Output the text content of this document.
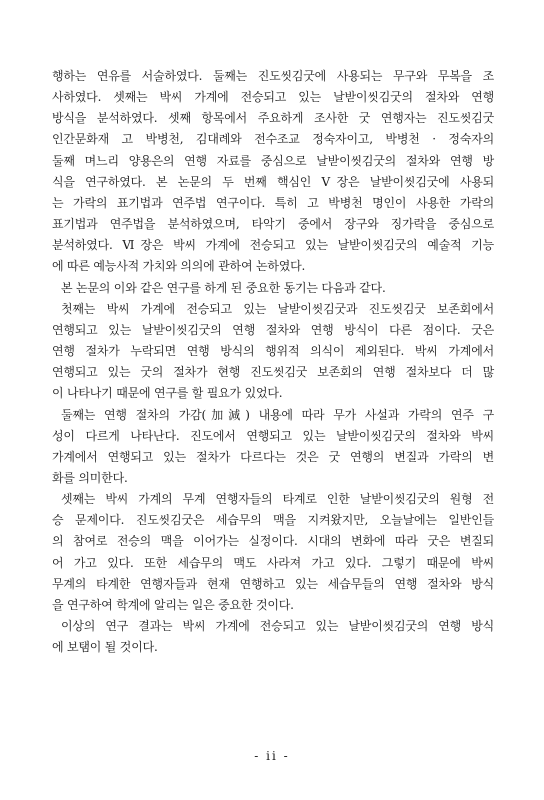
행하는 연유를 서술하였다. 둘째는 진도씻김굿에 사용되는 무구와 무복을 조
사하였다. 셋째는 박씨 가계에 전승되고 있는 날받이씻김굿의 절차와 연행
방식을 분석하였다. 셋째 항목에서 주요하게 조사한 굿 연행자는 진도씻김굿
인간문화재 고 박병천, 김대례와 전수조교 정숙자이고, 박병천 · 정숙자의
둘째 며느리 양용은의 연행 자료를 중심으로 날받이씻김굿의 절차와 연행 방
식을 연구하였다. 본 논문의 두 번째 핵심인 Ⅴ장은 날받이씻김굿에 사용되
는 가락의 표기법과 연주법 연구이다. 특히 고 박병천 명인이 사용한 가락의
표기법과 연주법을 분석하였으며, 타악기 중에서 장구와 징가락을 중심으로
분석하였다. Ⅵ장은 박씨 가계에 전승되고 있는 날받이씻김굿의 예술적 기능
에 따른 예능사적 가치와 의의에 관하여 논하였다.

본 논문의 이와 같은 연구를 하게 된 중요한 동기는 다음과 같다.

첫째는 박씨 가계에 전승되고 있는 날받이씻김굿과 진도씻김굿 보존회에서
연행되고 있는 날받이씻김굿의 연행 절차와 연행 방식이 다른 점이다. 굿은
연행 절차가 누락되면 연행 방식의 행위적 의식이 제외된다. 박씨 가계에서
연행되고 있는 굿의 절차가 현행 진도씻김굿 보존회의 연행 절차보다 더 많
이 나타나기 때문에 연구를 할 필요가 있었다.

둘째는 연행 절차의 가감(加減) 내용에 따라 무가 사설과 가락의 연주 구
성이 다르게 나타난다. 진도에서 연행되고 있는 날받이씻김굿의 절차와 박씨
가계에서 연행되고 있는 절차가 다르다는 것은 굿 연행의 변질과 가락의 변
화를 의미한다.

셋째는 박씨 가계의 무계 연행자들의 타계로 인한 날받이씻김굿의 원형 전
승 문제이다. 진도씻김굿은 세습무의 맥을 지켜왔지만, 오늘날에는 일반인들
의 참여로 전승의 맥을 이어가는 실정이다. 시대의 변화에 따라 굿은 변질되
어 가고 있다. 또한 세습무의 맥도 사라져 가고 있다. 그렇기 때문에 박씨
무계의 타계한 연행자들과 현재 연행하고 있는 세습무들의 연행 절차와 방식
을 연구하여 학계에 알리는 일은 중요한 것이다.

이상의 연구 결과는 박씨 가계에 전승되고 있는 날받이씻김굿의 연행 방식
에 보탬이 될 것이다.

- ii -
